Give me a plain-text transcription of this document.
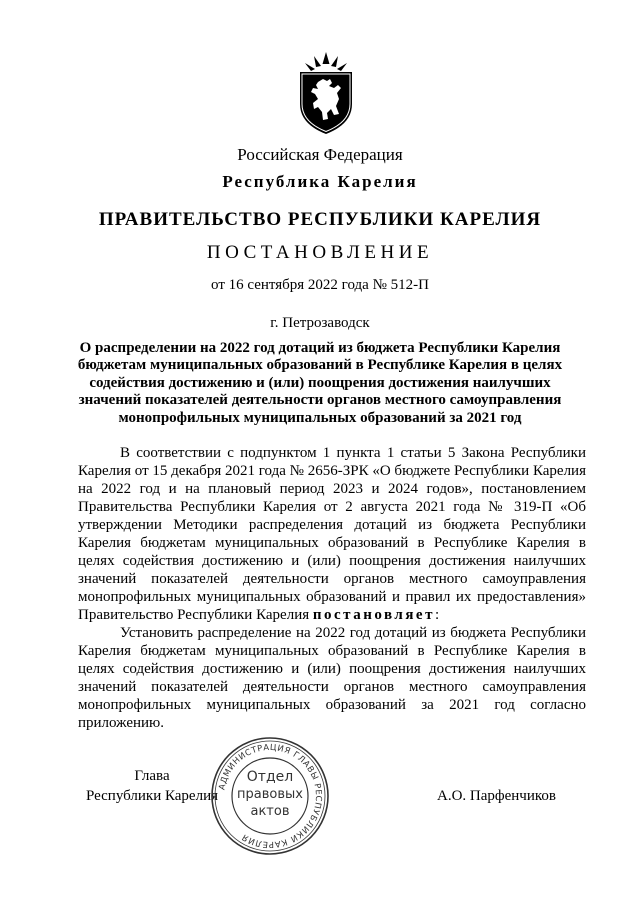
Российская Федерация
Республика Карелия
ПРАВИТЕЛЬСТВО РЕСПУБЛИКИ КАРЕЛИЯ
ПОСТАНОВЛЕНИЕ
от 16 сентября 2022 года № 512-П
г. Петрозаводск
О распределении на 2022 год дотаций из бюджета Республики Карелия
бюджетам муниципальных образований в Республике Карелия в целях
содействия достижению и (или) поощрения достижения наилучших
значений показателей деятельности органов местного самоуправления
монопрофильных муниципальных образований за 2021 год

В соответствии с подпунктом 1 пункта 1 статьи 5 Закона Республики Карелия от 15 декабря 2021 года № 2656-ЗРК «О бюджете Республики Карелия на 2022 год и на плановый период 2023 и 2024 годов», постановлением Правительства Республики Карелия от 2 августа 2021 года № 319-П «Об утверждении Методики распределения дотаций из бюджета Республики Карелия бюджетам муниципальных образований в Республике Карелия в целях содействия достижению и (или) поощрения достижения наилучших значений показателей деятельности органов местного самоуправления монопрофильных муниципальных образований и правил их предоставления» Правительство Республики Карелия постановляет:

Установить распределение на 2022 год дотаций из бюджета Республики Карелия бюджетам муниципальных образований в Республике Карелия в целях содействия достижению и (или) поощрения достижения наилучших значений показателей деятельности органов местного самоуправления монопрофильных муниципальных образований за 2021 год согласно приложению.

Глава
Республики Карелия
АДМИНИСТРАЦИЯ ГЛАВЫ РЕСПУБЛИКИ КАРЕЛИЯ
Отдел
правовых
актов
А.О. Парфенчиков
